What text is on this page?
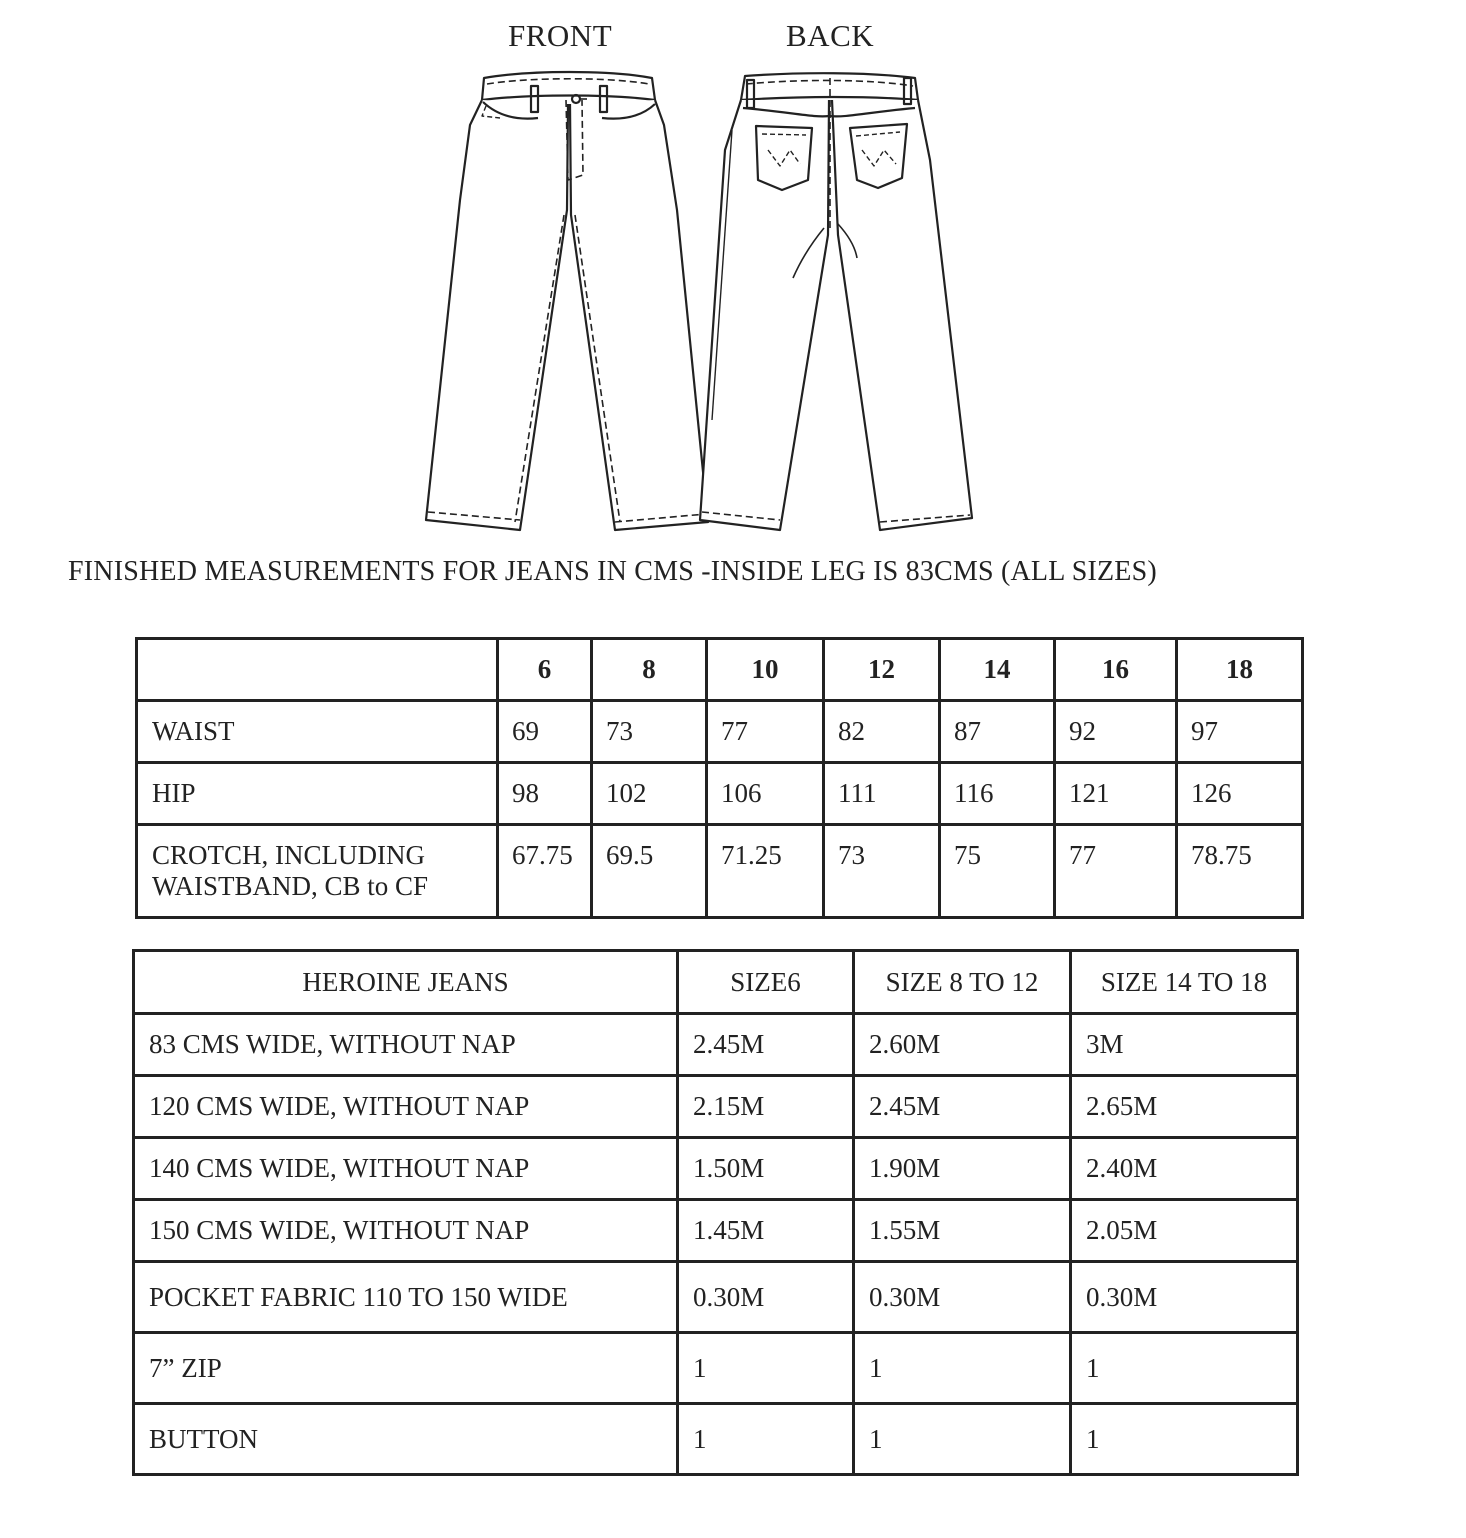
FRONT	BACK
FINISHED MEASUREMENTS FOR JEANS IN CMS -INSIDE LEG IS 83CMS (ALL SIZES)
	6	8	10	12	14	16	18
WAIST	69	73	77	82	87	92	97
HIP	98	102	106	111	116	121	126

CROTCH, INCLUDING
WAISTBAND, CB to CF	67.75	69.5	71.25	73	75	77	78.75
HEROINE JEANS	SIZE6	SIZE 8 TO 12	SIZE 14 TO 18
83 CMS WIDE, WITHOUT NAP	2.45M	2.60M	3M
120 CMS WIDE, WITHOUT NAP	2.15M	2.45M	2.65M
140 CMS WIDE, WITHOUT NAP	1.50M	1.90M	2.40M
150 CMS WIDE, WITHOUT NAP	1.45M	1.55M	2.05M
POCKET FABRIC 110 TO 150 WIDE	0.30M	0.30M	0.30M
7” ZIP	1	1	1
BUTTON	1	1	1
